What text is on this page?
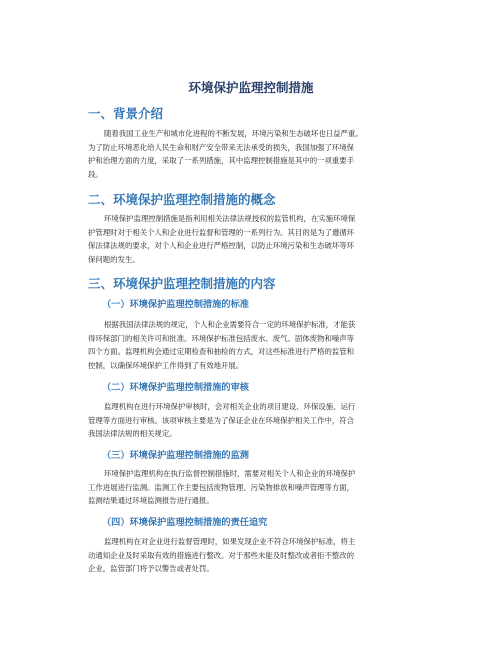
环境保护监理控制措施
一、背景介绍
随着我国工业生产和城市化进程的不断发展，环境污染和生态破坏也日益严重。
为了防止环境恶化给人民生命和财产安全带来无法承受的损失，我国加强了环境保
护和治理方面的力度，采取了一系列措施，其中监理控制措施是其中的一项重要手
段。
二、环境保护监理控制措施的概念
环境保护监理控制措施是指利用相关法律法规授权的监管机构，在实施环境保
护管理时对于相关个人和企业进行监督和管理的一系列行为。其目的是为了遵循环
保法律法规的要求，对个人和企业进行严格控制，以防止环境污染和生态破坏等环
保问题的发生。
三、环境保护监理控制措施的内容
（一）环境保护监理控制措施的标准
根据我国法律法规的规定，个人和企业需要符合一定的环境保护标准，才能获
得环保部门的相关许可和批准。环境保护标准包括废水、废气、固体废物和噪声等
四个方面。监理机构会通过定期检查和抽检的方式，对这些标准进行严格的监管和
控制，以确保环境保护工作得到了有效地开展。
（二）环境保护监理控制措施的审核
监理机构在进行环境保护审核时，会对相关企业的项目建设、环保设施、运行
管理等方面进行审核。该项审核主要是为了保证企业在环境保护相关工作中，符合
我国法律法规的相关规定。
（三）环境保护监理控制措施的监测
环境保护监理机构在执行监督控制措施时，需要对相关个人和企业的环境保护
工作进展进行监测。监测工作主要包括废物管理、污染物排放和噪声管理等方面，
监测结果通过环境监测报告进行通报。
（四）环境保护监理控制措施的责任追究
监理机构在对企业进行监督管理时，如果发现企业不符合环境保护标准，将主
动通知企业及时采取有效的措施进行整改。对于那些未能及时整改或者拒不整改的
企业，监管部门将予以警告或者处罚。
